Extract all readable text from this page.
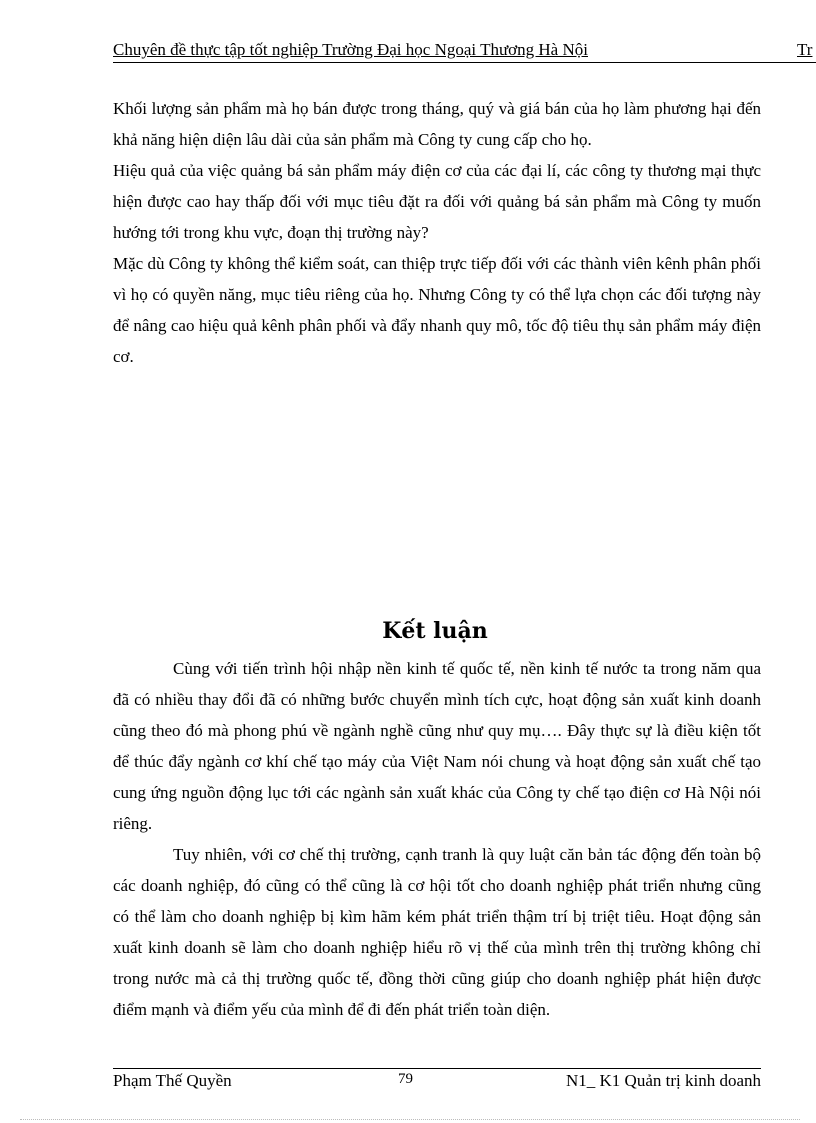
Chuyên đề thực tập tốt nghiệp Trường Đại học Ngoại Thương Hà Nội	Tr

Khối lượng sản phẩm mà họ bán được trong tháng, quý và giá bán của họ làm phương hại đến khả năng hiện diện lâu dài của sản phẩm mà Công ty cung cấp cho họ.

Hiệu quả của việc quảng bá sản phẩm máy điện cơ của các đại lí, các công ty thương mại thực hiện được cao hay thấp đối với mục tiêu đặt ra đối với quảng bá sản phẩm mà Công ty muốn hướng tới trong khu vực, đoạn thị trường này?

Mặc dù Công ty không thể kiểm soát, can thiệp trực tiếp đối với các thành viên kênh phân phối vì họ có quyền năng, mục tiêu riêng của họ. Nhưng Công ty có thể lựa chọn các đối tượng này để nâng cao hiệu quả kênh phân phối và đẩy nhanh quy mô, tốc độ tiêu thụ sản phẩm máy điện cơ.

Kết luận

Cùng với tiến trình hội nhập nền kinh tế quốc tế, nền kinh tế nước ta trong năm qua đã có nhiều thay đổi đã có những bước chuyển mình tích cực, hoạt động sản xuất kinh doanh cũng theo đó mà phong phú về ngành nghề cũng như quy mụ…. Đây thực sự là điều kiện tốt để thúc đẩy ngành cơ khí chế tạo máy của Việt Nam nói chung và hoạt động sản xuất chế tạo cung ứng nguồn động lục tới các ngành sản xuất khác của Công ty chế tạo điện cơ Hà Nội nói riêng.

Tuy nhiên, với cơ chế thị trường, cạnh tranh là quy luật căn bản tác động đến toàn bộ các doanh nghiệp, đó cũng có thể cũng là cơ hội tốt cho doanh nghiệp phát triển nhưng cũng có thể làm cho doanh nghiệp bị kìm hãm kém phát triển thậm trí bị triệt tiêu. Hoạt động sản xuất kinh doanh sẽ làm cho doanh nghiệp hiểu rõ vị thế của mình trên thị trường không chỉ trong nước mà cả thị trường quốc tế, đồng thời cũng giúp cho doanh nghiệp phát hiện được điểm mạnh và điểm yếu của mình để đi đến phát triển toàn diện.

Phạm Thế Quyền	79	N1_ K1 Quản trị kinh doanh
